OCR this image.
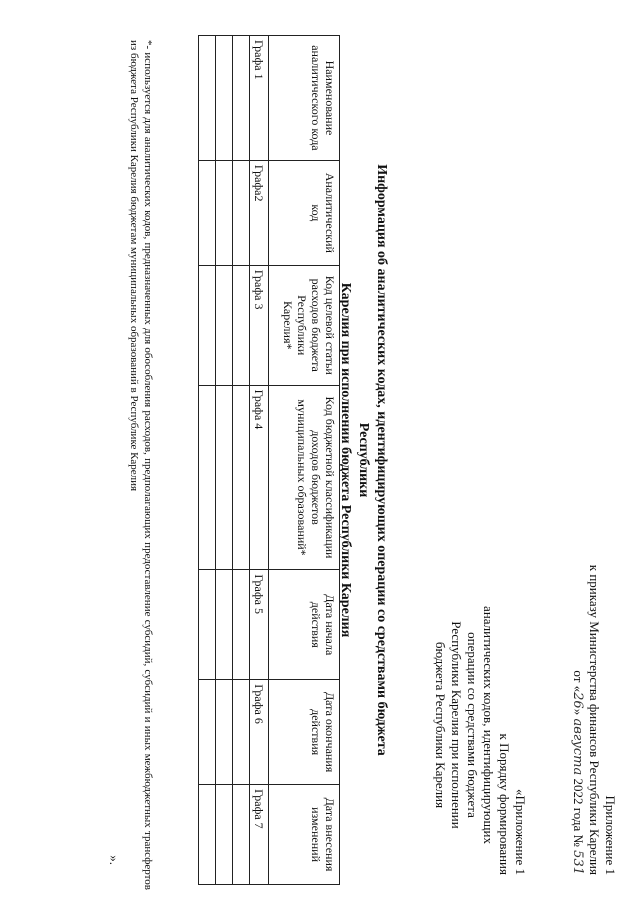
Приложение 1
к приказу Министерства финансов Республики Карелия
от «26» августа 2022 года № 531
«Приложение 1
к Порядку формирования
аналитических кодов, идентифицирующих
операции со средствами бюджета
Республики Карелия при исполнении
бюджета Республики Карелия
Информация об аналитических кодах, идентифицирующих операции со средствами бюджета Республики
Карелия при исполнении бюджета Республики Карелия
Наименование аналитического кода	Аналитический код	Код целевой статьи расходов бюджета Республики Карелия*	Код бюджетной классификации доходов бюджетов муниципальных образований*	Дата начала действия	Дата окончания действия	Дата внесения изменений
Графа 1	Графа2	Графа 3	Графа 4	Графа 5	Графа 6	Графа 7

*- используется для аналитических кодов, предназначенных для обособления расходов, предполагающих предоставление субсидий, субсидий и иных межбюджетных трансфертов из бюджета Республики Карелия бюджетам муниципальных образований в Республике Карелия
».
